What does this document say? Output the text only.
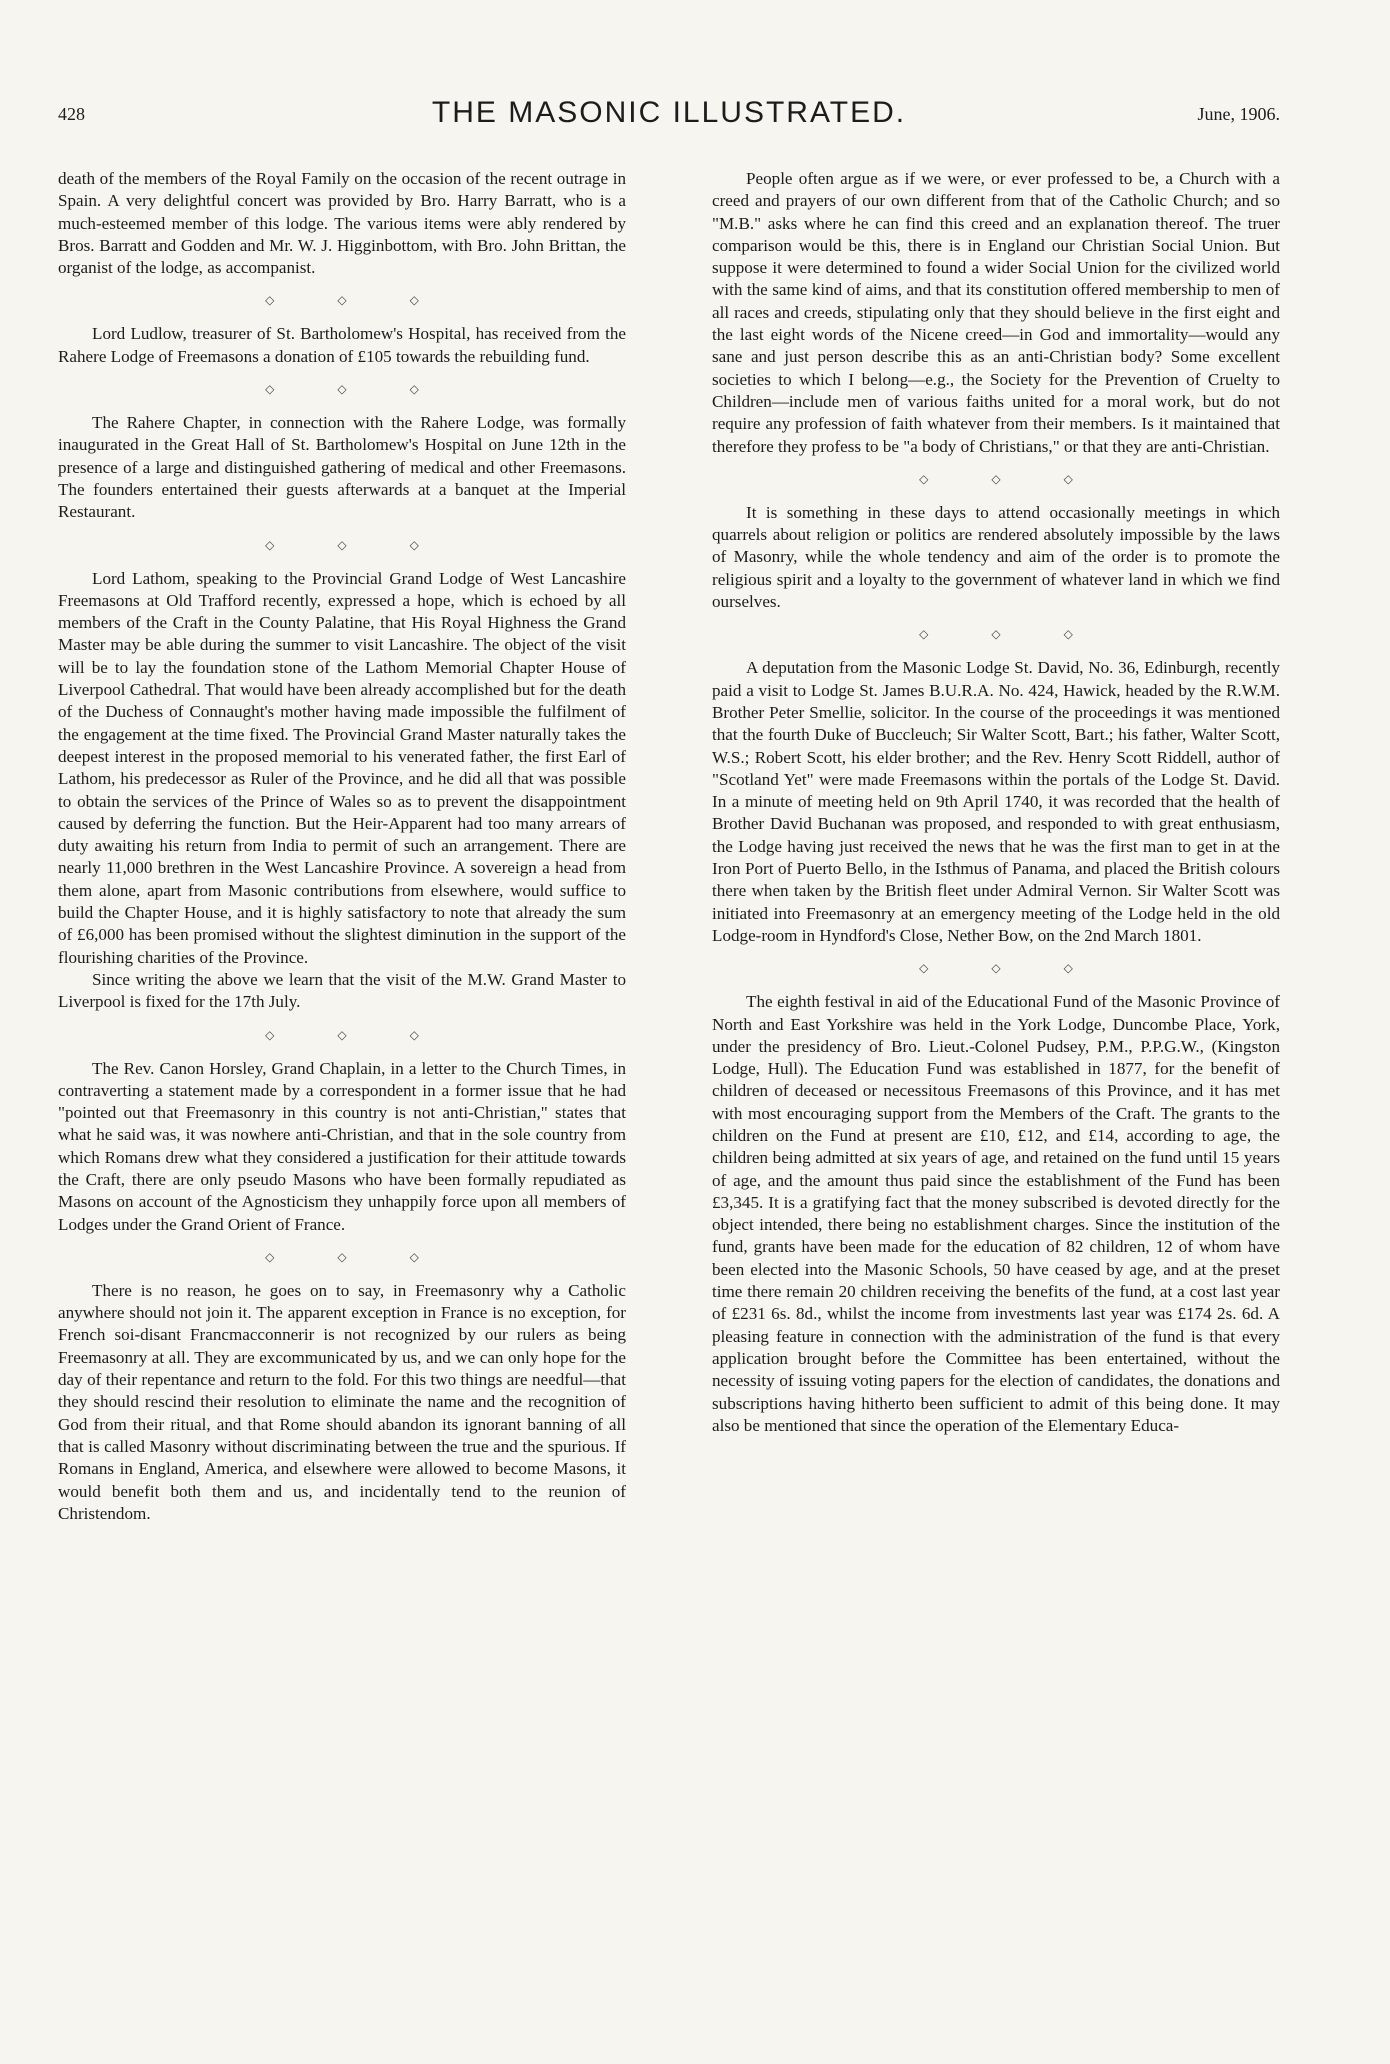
428	THE MASONIC ILLUSTRATED.	June, 1906.

death of the members of the Royal Family on the occasion of the recent outrage in Spain. A very delightful concert was provided by Bro. Harry Barratt, who is a much-esteemed member of this lodge. The various items were ably rendered by Bros. Barratt and Godden and Mr. W. J. Higginbottom, with Bro. John Brittan, the organist of the lodge, as accompanist.

◇ ◇ ◇

Lord Ludlow, treasurer of St. Bartholomew's Hospital, has received from the Rahere Lodge of Freemasons a donation of £105 towards the rebuilding fund.

◇ ◇ ◇

The Rahere Chapter, in connection with the Rahere Lodge, was formally inaugurated in the Great Hall of St. Bartholomew's Hospital on June 12th in the presence of a large and distinguished gathering of medical and other Freemasons. The founders entertained their guests afterwards at a banquet at the Imperial Restaurant.

◇ ◇ ◇

Lord Lathom, speaking to the Provincial Grand Lodge of West Lancashire Freemasons at Old Trafford recently, expressed a hope, which is echoed by all members of the Craft in the County Palatine, that His Royal Highness the Grand Master may be able during the summer to visit Lancashire. The object of the visit will be to lay the foundation stone of the Lathom Memorial Chapter House of Liverpool Cathedral. That would have been already accomplished but for the death of the Duchess of Connaught's mother having made impossible the fulfilment of the engagement at the time fixed. The Provincial Grand Master naturally takes the deepest interest in the proposed memorial to his venerated father, the first Earl of Lathom, his predecessor as Ruler of the Province, and he did all that was possible to obtain the services of the Prince of Wales so as to prevent the disappointment caused by deferring the function. But the Heir-Apparent had too many arrears of duty awaiting his return from India to permit of such an arrangement. There are nearly 11,000 brethren in the West Lancashire Province. A sovereign a head from them alone, apart from Masonic contributions from elsewhere, would suffice to build the Chapter House, and it is highly satisfactory to note that already the sum of £6,000 has been promised without the slightest diminution in the support of the flourishing charities of the Province.

Since writing the above we learn that the visit of the M.W. Grand Master to Liverpool is fixed for the 17th July.

◇ ◇ ◇

The Rev. Canon Horsley, Grand Chaplain, in a letter to the Church Times, in contraverting a statement made by a correspondent in a former issue that he had "pointed out that Freemasonry in this country is not anti-Christian," states that what he said was, it was nowhere anti-Christian, and that in the sole country from which Romans drew what they considered a justification for their attitude towards the Craft, there are only pseudo Masons who have been formally repudiated as Masons on account of the Agnosticism they unhappily force upon all members of Lodges under the Grand Orient of France.

◇ ◇ ◇

There is no reason, he goes on to say, in Freemasonry why a Catholic anywhere should not join it. The apparent exception in France is no exception, for French soi-disant Francmacconnerir is not recognized by our rulers as being Freemasonry at all. They are excommunicated by us, and we can only hope for the day of their repentance and return to the fold. For this two things are needful—that they should rescind their resolution to eliminate the name and the recognition of God from their ritual, and that Rome should abandon its ignorant banning of all that is called Masonry without discriminating between the true and the spurious. If Romans in England, America, and elsewhere were allowed to become Masons, it would benefit both them and us, and incidentally tend to the reunion of Christendom.

People often argue as if we were, or ever professed to be, a Church with a creed and prayers of our own different from that of the Catholic Church; and so "M.B." asks where he can find this creed and an explanation thereof. The truer comparison would be this, there is in England our Christian Social Union. But suppose it were determined to found a wider Social Union for the civilized world with the same kind of aims, and that its constitution offered membership to men of all races and creeds, stipulating only that they should believe in the first eight and the last eight words of the Nicene creed—in God and immortality—would any sane and just person describe this as an anti-Christian body? Some excellent societies to which I belong—e.g., the Society for the Prevention of Cruelty to Children—include men of various faiths united for a moral work, but do not require any profession of faith whatever from their members. Is it maintained that therefore they profess to be "a body of Christians," or that they are anti-Christian.

◇ ◇ ◇

It is something in these days to attend occasionally meetings in which quarrels about religion or politics are rendered absolutely impossible by the laws of Masonry, while the whole tendency and aim of the order is to promote the religious spirit and a loyalty to the government of whatever land in which we find ourselves.

◇ ◇ ◇

A deputation from the Masonic Lodge St. David, No. 36, Edinburgh, recently paid a visit to Lodge St. James B.U.R.A. No. 424, Hawick, headed by the R.W.M. Brother Peter Smellie, solicitor. In the course of the proceedings it was mentioned that the fourth Duke of Buccleuch; Sir Walter Scott, Bart.; his father, Walter Scott, W.S.; Robert Scott, his elder brother; and the Rev. Henry Scott Riddell, author of "Scotland Yet" were made Freemasons within the portals of the Lodge St. David. In a minute of meeting held on 9th April 1740, it was recorded that the health of Brother David Buchanan was proposed, and responded to with great enthusiasm, the Lodge having just received the news that he was the first man to get in at the Iron Port of Puerto Bello, in the Isthmus of Panama, and placed the British colours there when taken by the British fleet under Admiral Vernon. Sir Walter Scott was initiated into Freemasonry at an emergency meeting of the Lodge held in the old Lodge-room in Hyndford's Close, Nether Bow, on the 2nd March 1801.

◇ ◇ ◇

The eighth festival in aid of the Educational Fund of the Masonic Province of North and East Yorkshire was held in the York Lodge, Duncombe Place, York, under the presidency of Bro. Lieut.-Colonel Pudsey, P.M., P.P.G.W., (Kingston Lodge, Hull). The Education Fund was established in 1877, for the benefit of children of deceased or necessitous Freemasons of this Province, and it has met with most encouraging support from the Members of the Craft. The grants to the children on the Fund at present are £10, £12, and £14, according to age, the children being admitted at six years of age, and retained on the fund until 15 years of age, and the amount thus paid since the establishment of the Fund has been £3,345. It is a gratifying fact that the money subscribed is devoted directly for the object intended, there being no establishment charges. Since the institution of the fund, grants have been made for the education of 82 children, 12 of whom have been elected into the Masonic Schools, 50 have ceased by age, and at the preset time there remain 20 children receiving the benefits of the fund, at a cost last year of £231 6s. 8d., whilst the income from investments last year was £174 2s. 6d. A pleasing feature in connection with the administration of the fund is that every application brought before the Committee has been entertained, without the necessity of issuing voting papers for the election of candidates, the donations and subscriptions having hitherto been sufficient to admit of this being done. It may also be mentioned that since the operation of the Elementary Educa-
